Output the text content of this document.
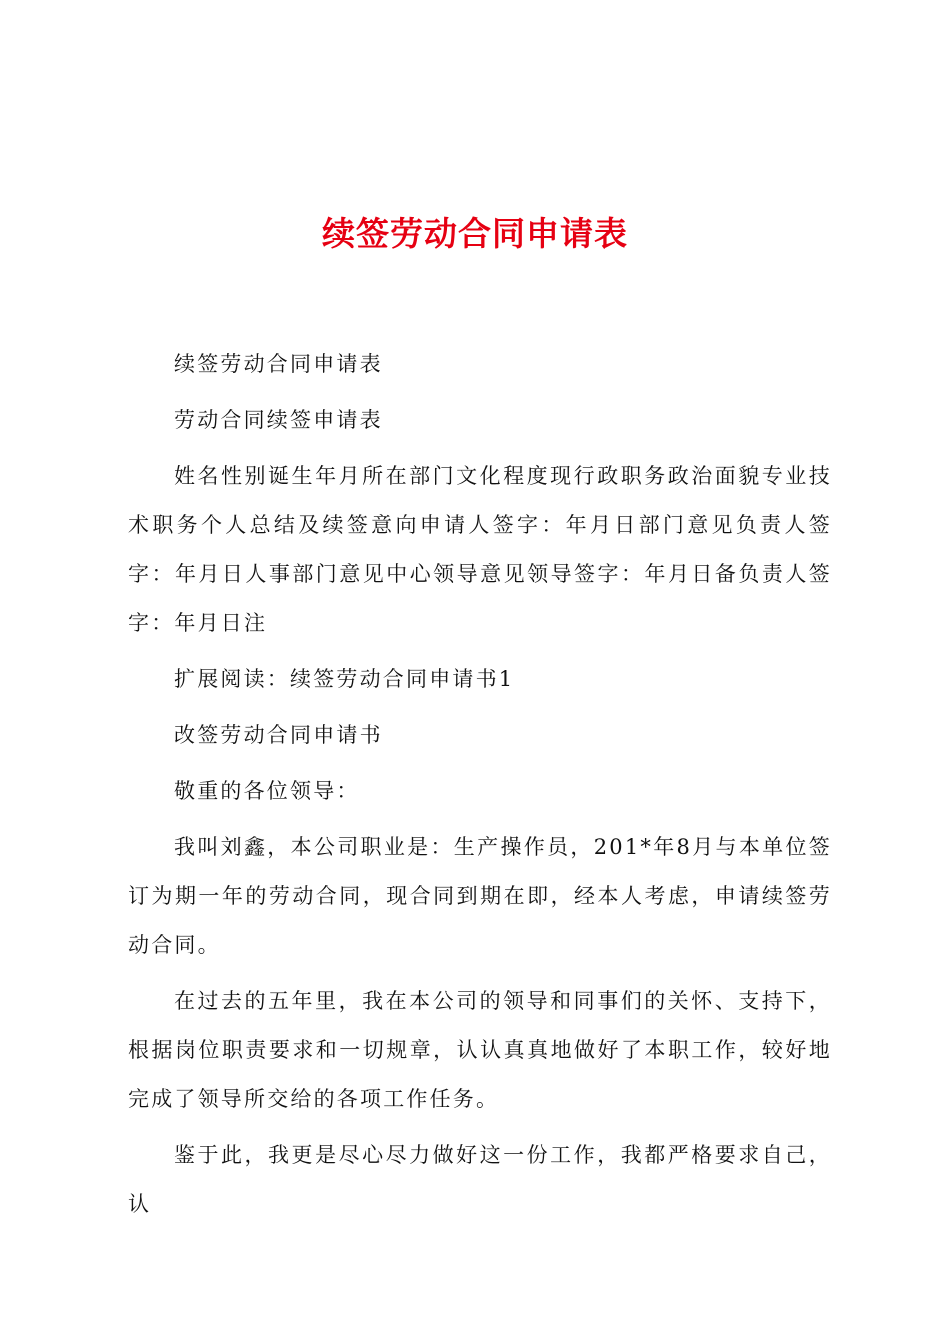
续签劳动合同申请表

续签劳动合同申请表

劳动合同续签申请表

姓名性别诞生年月所在部门文化程度现行政职务政治面貌专业技术职务个人总结及续签意向申请人签字：年月日部门意见负责人签字：年月日人事部门意见中心领导意见领导签字：年月日备负责人签字：年月日注

扩展阅读：续签劳动合同申请书1

改签劳动合同申请书

敬重的各位领导：

我叫刘鑫，本公司职业是：生产操作员，201*年8月与本单位签订为期一年的劳动合同，现合同到期在即，经本人考虑，申请续签劳动合同。

在过去的五年里，我在本公司的领导和同事们的关怀、支持下，根据岗位职责要求和一切规章，认认真真地做好了本职工作，较好地完成了领导所交给的各项工作任务。

鉴于此，我更是尽心尽力做好这一份工作，我都严格要求自己，认
